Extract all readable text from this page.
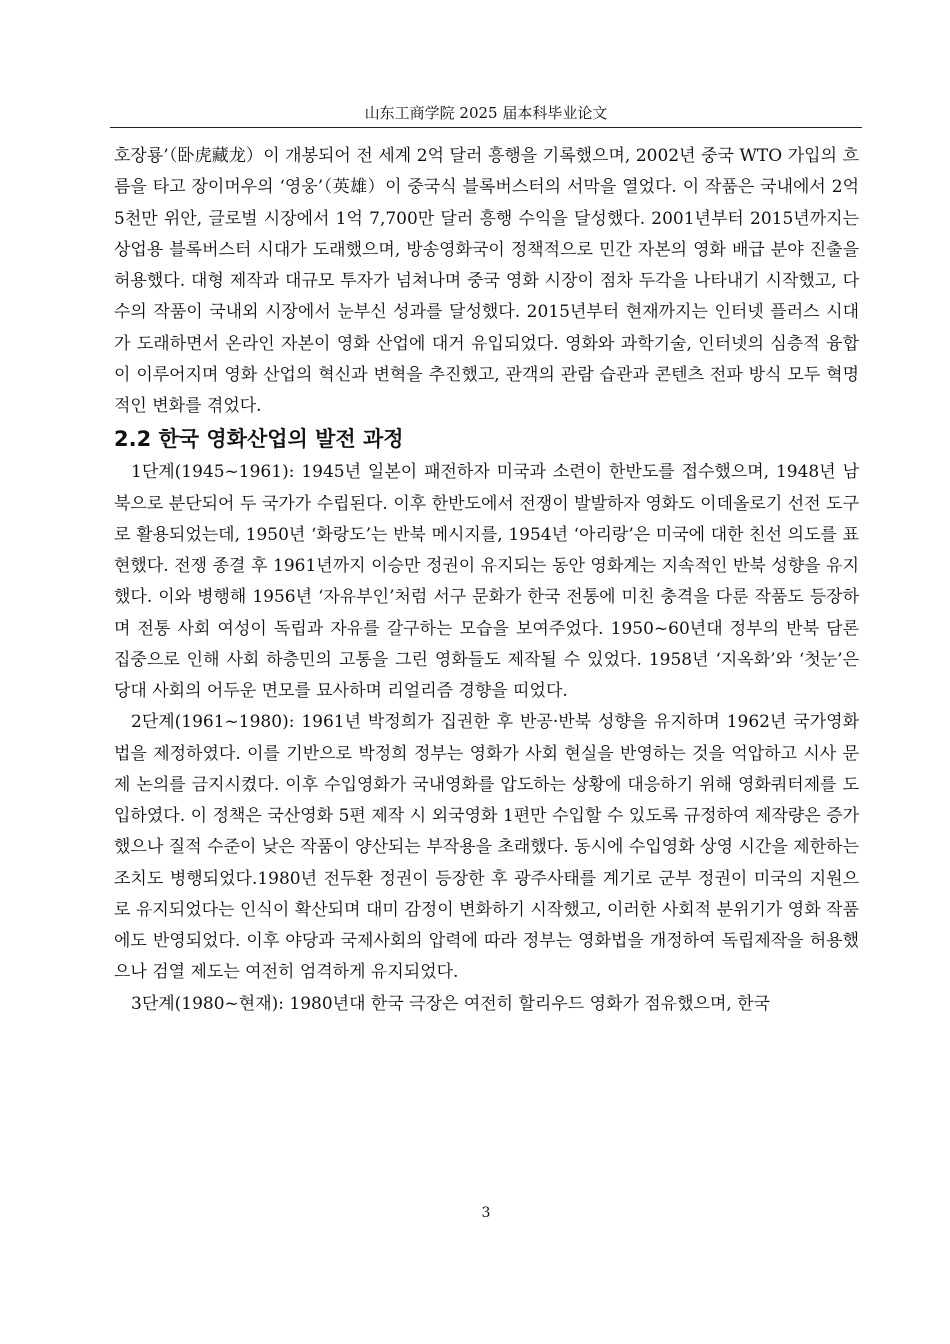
山东工商学院 2025 届本科毕业论文

호장룡’（卧虎藏龙）이 개봉되어 전 세계 2억 달러 흥행을 기록했으며, 2002년 중국 WTO 가입의 흐름을 타고 장이머우의 ‘영웅’（英雄）이 중국식 블록버스터의 서막을 열었다. 이 작품은 국내에서 2억 5천만 위안, 글로벌 시장에서 1억 7,700만 달러 흥행 수익을 달성했다. 2001년부터 2015년까지는 상업용 블록버스터 시대가 도래했으며, 방송영화국이 정책적으로 민간 자본의 영화 배급 분야 진출을 허용했다. 대형 제작과 대규모 투자가 넘쳐나며 중국 영화 시장이 점차 두각을 나타내기 시작했고, 다수의 작품이 국내외 시장에서 눈부신 성과를 달성했다. 2015년부터 현재까지는 인터넷 플러스 시대가 도래하면서 온라인 자본이 영화 산업에 대거 유입되었다. 영화와 과학기술, 인터넷의 심층적 융합이 이루어지며 영화 산업의 혁신과 변혁을 추진했고, 관객의 관람 습관과 콘텐츠 전파 방식 모두 혁명적인 변화를 겪었다.

2.2 한국 영화산업의 발전 과정

1단계(1945~1961): 1945년 일본이 패전하자 미국과 소련이 한반도를 접수했으며, 1948년 남북으로 분단되어 두 국가가 수립된다. 이후 한반도에서 전쟁이 발발하자 영화도 이데올로기 선전 도구로 활용되었는데, 1950년 ‘화랑도’는 반북 메시지를, 1954년 ‘아리랑’은 미국에 대한 친선 의도를 표현했다. 전쟁 종결 후 1961년까지 이승만 정권이 유지되는 동안 영화계는 지속적인 반북 성향을 유지했다. 이와 병행해 1956년 ‘자유부인’처럼 서구 문화가 한국 전통에 미친 충격을 다룬 작품도 등장하며 전통 사회 여성이 독립과 자유를 갈구하는 모습을 보여주었다. 1950~60년대 정부의 반북 담론 집중으로 인해 사회 하층민의 고통을 그린 영화들도 제작될 수 있었다. 1958년 ‘지옥화’와 ‘첫눈’은 당대 사회의 어두운 면모를 묘사하며 리얼리즘 경향을 띠었다.

2단계(1961~1980): 1961년 박정희가 집권한 후 반공·반북 성향을 유지하며 1962년 국가영화법을 제정하였다. 이를 기반으로 박정희 정부는 영화가 사회 현실을 반영하는 것을 억압하고 시사 문제 논의를 금지시켰다. 이후 수입영화가 국내영화를 압도하는 상황에 대응하기 위해 영화쿼터제를 도입하였다. 이 정책은 국산영화 5편 제작 시 외국영화 1편만 수입할 수 있도록 규정하여 제작량은 증가했으나 질적 수준이 낮은 작품이 양산되는 부작용을 초래했다. 동시에 수입영화 상영 시간을 제한하는 조치도 병행되었다.1980년 전두환 정권이 등장한 후 광주사태를 계기로 군부 정권이 미국의 지원으로 유지되었다는 인식이 확산되며 대미 감정이 변화하기 시작했고, 이러한 사회적 분위기가 영화 작품에도 반영되었다. 이후 야당과 국제사회의 압력에 따라 정부는 영화법을 개정하여 독립제작을 허용했으나 검열 제도는 여전히 엄격하게 유지되었다.

3단계(1980~현재): 1980년대 한국 극장은 여전히 할리우드 영화가 점유했으며, 한국

3
